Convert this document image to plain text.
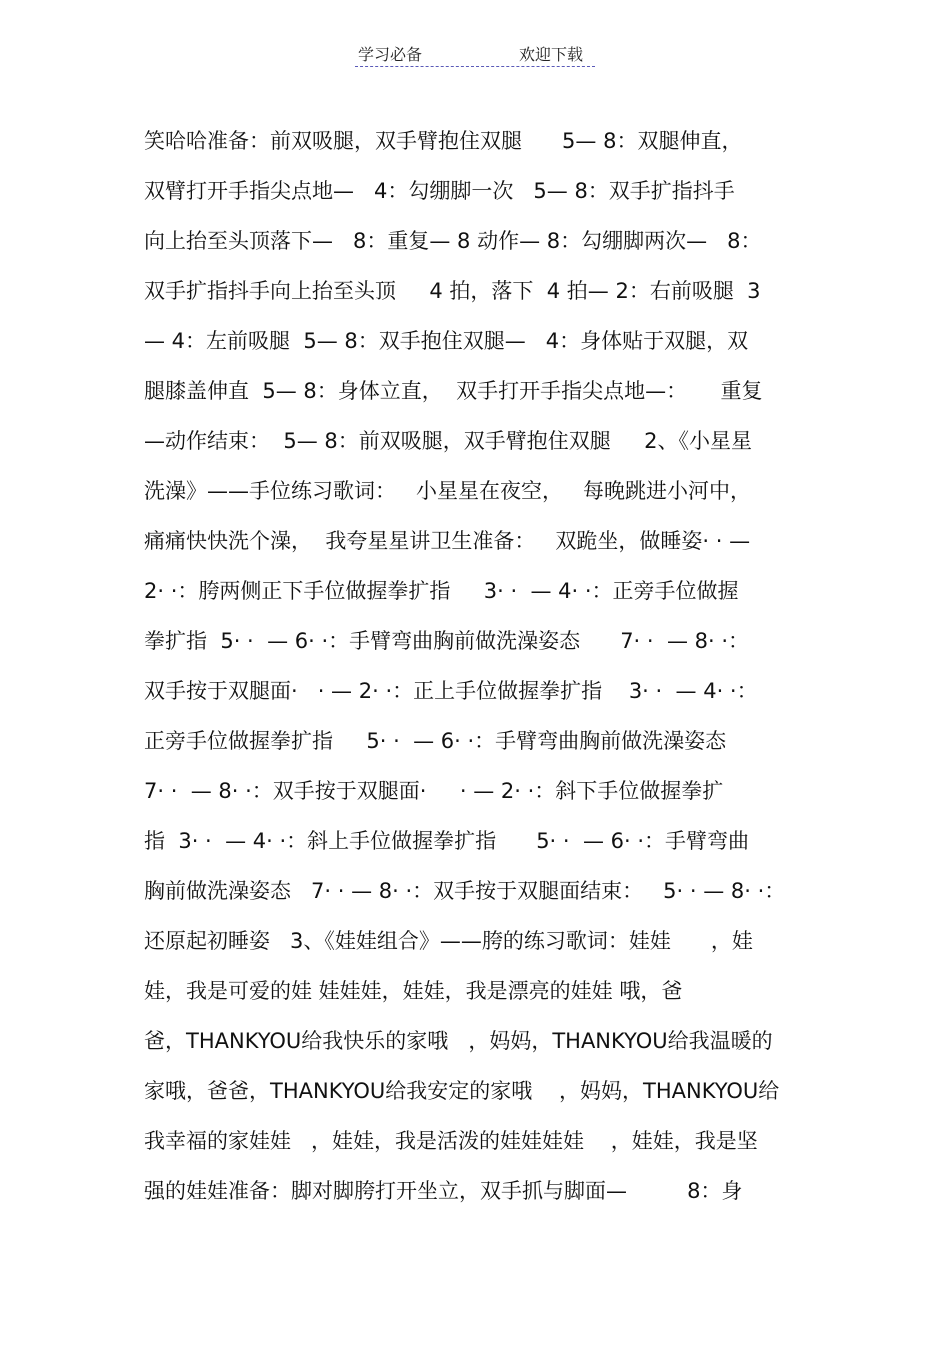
学习必备	欢迎下载
笑哈哈准备：前双吸腿，双手臂抱住双腿      5— 8：双腿伸直，
双臂打开手指尖点地—   4：勾绷脚一次   5— 8：双手扩指抖手
向上抬至头顶落下—   8：重复— 8 动作— 8：勾绷脚两次—   8：
双手扩指抖手向上抬至头顶     4 拍，落下  4 拍— 2：右前吸腿  3
— 4：左前吸腿  5— 8：双手抱住双腿—   4：身体贴于双腿，双
腿膝盖伸直  5— 8：身体立直，  双手打开手指尖点地—：     重复
—动作结束：  5— 8：前双吸腿，双手臂抱住双腿     2、《小星星
洗澡》——手位练习歌词：   小星星在夜空，   每晚跳进小河中，
痛痛快快洗个澡，  我夸星星讲卫生准备：   双跪坐，做睡姿· · —
2· ·：胯两侧正下手位做握拳扩指     3· ·  — 4· ·：正旁手位做握
拳扩指  5· ·  — 6· ·：手臂弯曲胸前做洗澡姿态      7· ·  — 8· ·：
双手按于双腿面·   · — 2· ·：正上手位做握拳扩指    3· ·  — 4· ·：
正旁手位做握拳扩指     5· ·  — 6· ·：手臂弯曲胸前做洗澡姿态
7· ·  — 8· ·：双手按于双腿面·     · — 2· ·：斜下手位做握拳扩
指  3· ·  — 4· ·：斜上手位做握拳扩指      5· ·  — 6· ·：手臂弯曲
胸前做洗澡姿态   7· · — 8· ·：双手按于双腿面结束：   5· · — 8· ·：
还原起初睡姿   3、《娃娃组合》——胯的练习歌词：娃娃      ，娃
娃，我是可爱的娃 娃娃娃，娃娃，我是漂亮的娃娃 哦，爸
爸，THANKYOU给我快乐的家哦   ，妈妈，THANKYOU给我温暖的
家哦，爸爸，THANKYOU给我安定的家哦    ，妈妈，THANKYOU给
我幸福的家娃娃   ，娃娃，我是活泼的娃娃娃娃    ，娃娃，我是坚
强的娃娃准备：脚对脚胯打开坐立，双手抓与脚面—         8：身
